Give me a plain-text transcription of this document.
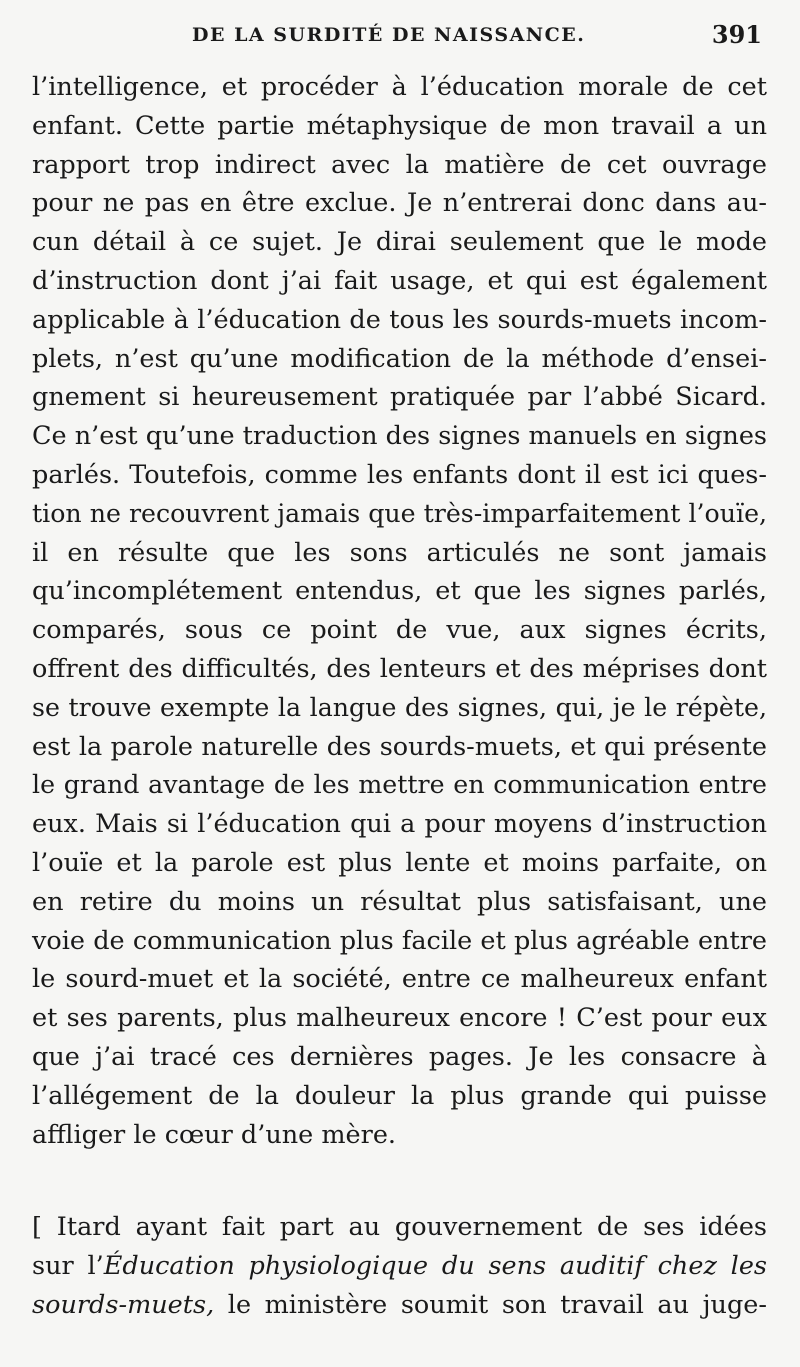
DE LA SURDITÉ DE NAISSANCE.	391
l’intelligence, et procéder à l’éducation morale de cet
enfant. Cette partie métaphysique de mon travail a un
rapport trop indirect avec la matière de cet ouvrage
pour ne pas en être exclue. Je n’entrerai donc dans au-
cun détail à ce sujet. Je dirai seulement que le mode
d’instruction dont j’ai fait usage, et qui est également
applicable à l’éducation de tous les sourds-muets incom-
plets, n’est qu’une modification de la méthode d’ensei-
gnement si heureusement pratiquée par l’abbé Sicard.
Ce n’est qu’une traduction des signes manuels en signes
parlés. Toutefois, comme les enfants dont il est ici ques-
tion ne recouvrent jamais que très-imparfaitement l’ouïe,
il en résulte que les sons articulés ne sont jamais
qu’incomplétement entendus, et que les signes parlés,
comparés, sous ce point de vue, aux signes écrits,
offrent des difficultés, des lenteurs et des méprises dont
se trouve exempte la langue des signes, qui, je le répète,
est la parole naturelle des sourds-muets, et qui présente
le grand avantage de les mettre en communication entre
eux. Mais si l’éducation qui a pour moyens d’instruction
l’ouïe et la parole est plus lente et moins parfaite, on
en retire du moins un résultat plus satisfaisant, une
voie de communication plus facile et plus agréable entre
le sourd-muet et la société, entre ce malheureux enfant
et ses parents, plus malheureux encore ! C’est pour eux
que j’ai tracé ces dernières pages. Je les consacre à
l’allégement de la douleur la plus grande qui puisse
affliger le cœur d’une mère.
[ Itard ayant fait part au gouvernement de ses idées
sur l’Éducation physiologique du sens auditif chez les
sourds-muets, le ministère soumit son travail au juge-
